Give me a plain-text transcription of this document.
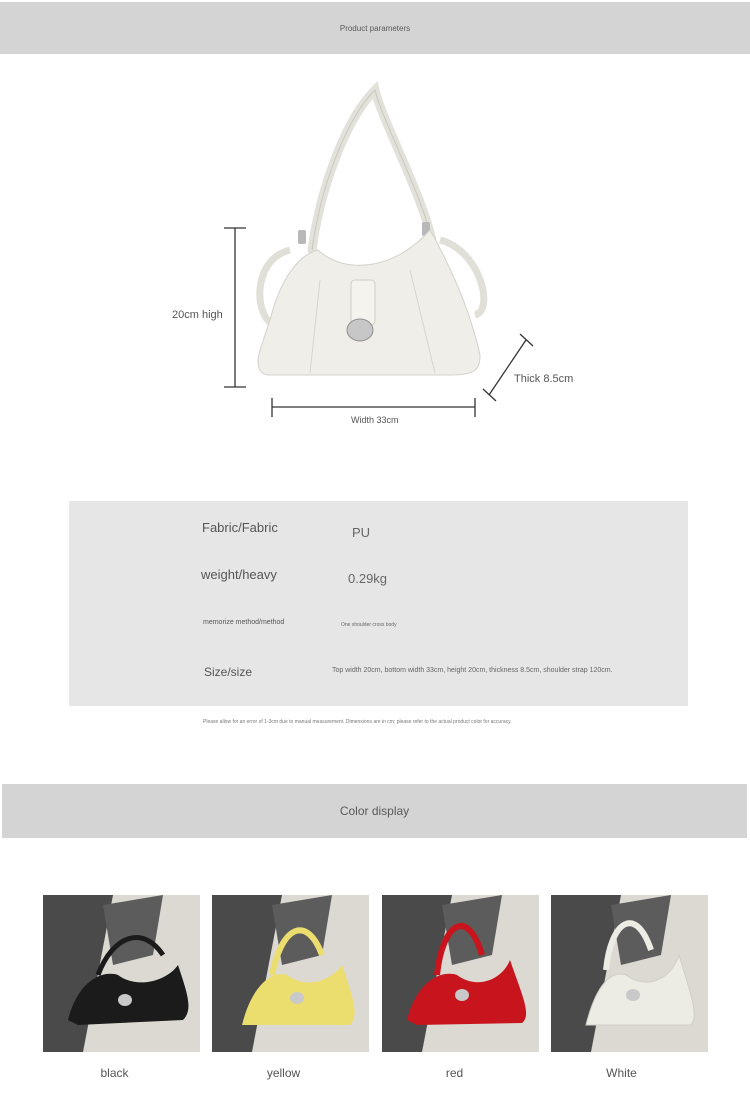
Product parameters
20cm high
Thick 8.5cm
Width 33cm
Fabric/Fabric	PU
weight/heavy	0.29kg
memorize method/method	One shoulder cross body
Size/size	Top width 20cm, bottom width 33cm, height 20cm, thickness 8.5cm, shoulder strap 120cm.
Please allow for an error of 1-3cm due to manual measurement. Dimensions are in cm; please refer to the actual product color for accuracy.
Color display
black	yellow	red	White
